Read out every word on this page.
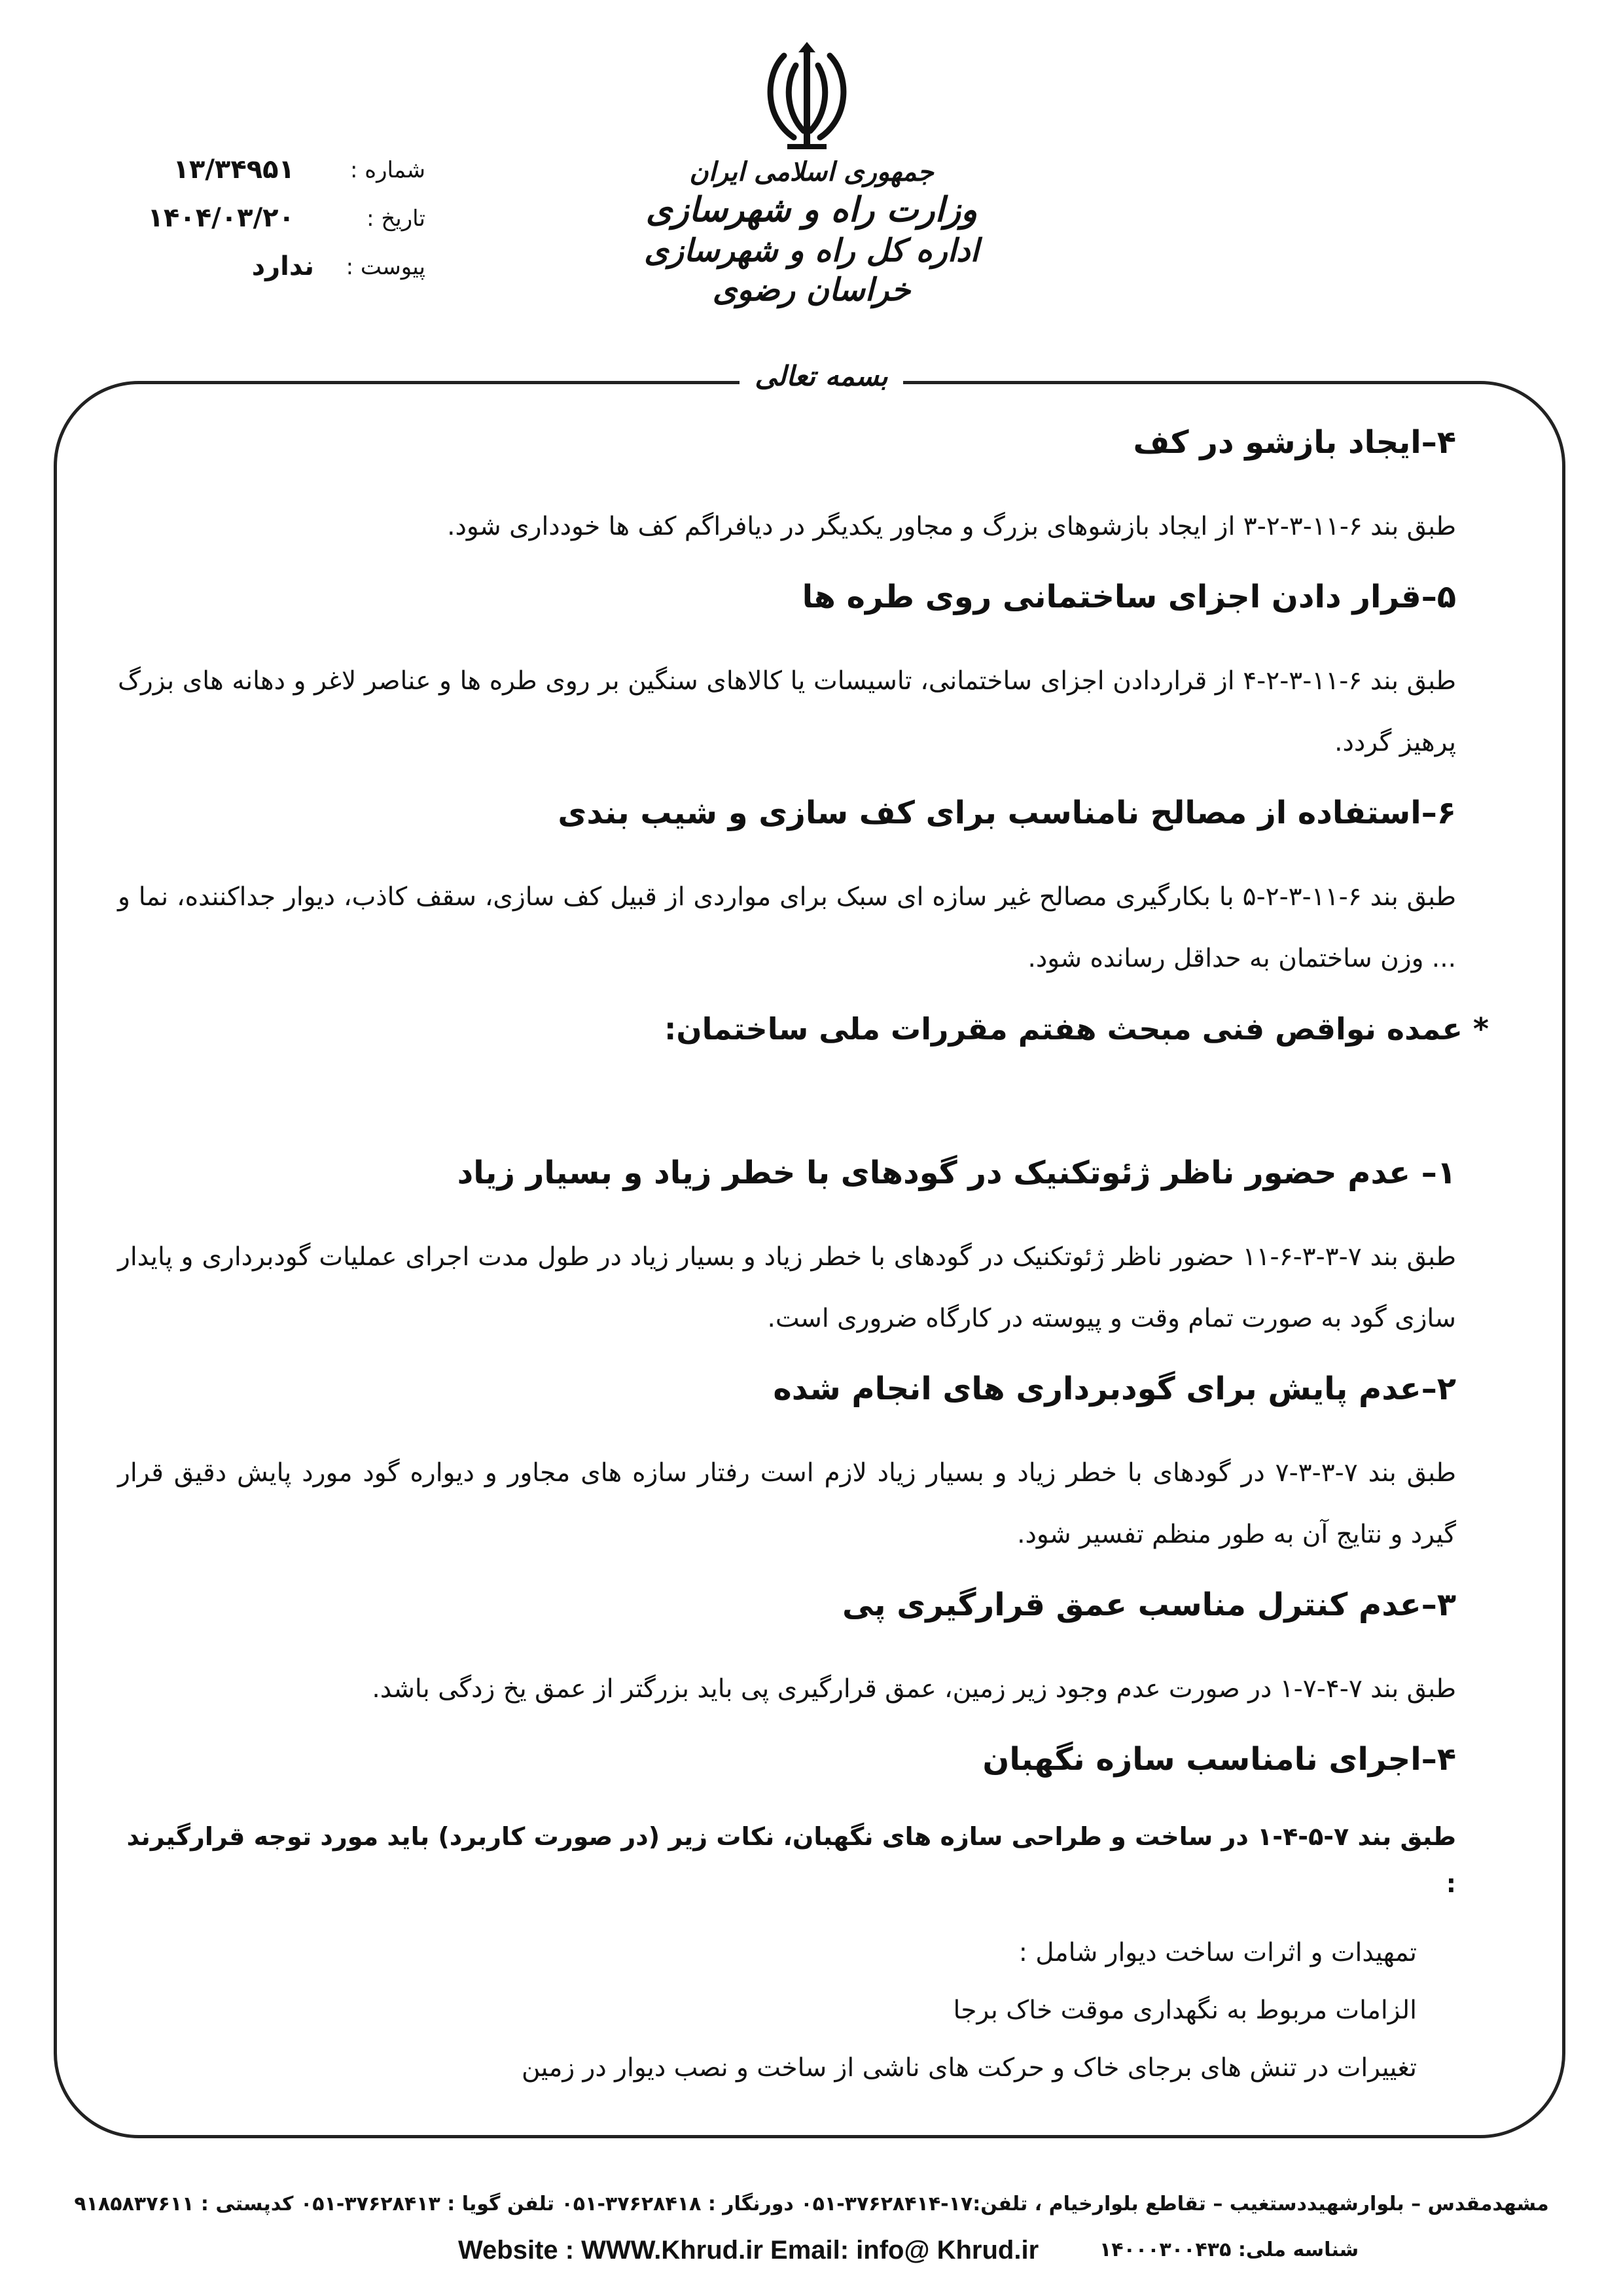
جمهوری اسلامی ایران
وزارت راه و شهرسازی
اداره کل راه و شهرسازی خراسان رضوی
شماره :
۱۳/۳۴۹۵۱
تاریخ :
۱۴۰۴/۰۳/۲۰
پیوست :
ندارد
بسمه تعالی
۴–ایجاد بازشو در کف
طبق بند ۶-۱۱-۳-۲-۳ از ایجاد بازشوهای بزرگ و مجاور یکدیگر در دیافراگم کف ها خودداری شود.
۵–قرار دادن اجزای ساختمانی روی طره ها
طبق بند ۶-۱۱-۳-۲-۴ از قراردادن اجزای ساختمانی، تاسیسات یا کالاهای سنگین بر روی طره ها و عناصر لاغر و دهانه های بزرگ پرهیز گردد.
۶–استفاده از مصالح نامناسب برای کف سازی و شیب بندی
طبق بند ۶-۱۱-۳-۲-۵ با بکارگیری مصالح غیر سازه ای سبک برای مواردی از قبیل کف سازی، سقف کاذب، دیوار جداکننده، نما و ... وزن ساختمان به حداقل رسانده شود.
* عمده نواقص فنی مبحث هفتم مقررات ملی ساختمان:
۱– عدم حضور ناظر ژئوتکنیک در گودهای با خطر زیاد و بسیار زیاد
طبق بند ۷-۳-۳-۶-۱۱ حضور ناظر ژئوتکنیک در گودهای با خطر زیاد و بسیار زیاد در طول مدت اجرای عملیات گودبرداری و پایدار سازی گود به صورت تمام وقت و پیوسته در کارگاه ضروری است.
۲–عدم پایش برای گودبرداری های انجام شده
طبق بند ۷-۳-۳-۷ در گودهای با خطر زیاد و بسیار زیاد لازم است رفتار سازه های مجاور و دیواره گود مورد پایش دقیق قرار گیرد و نتایج آن به طور منظم تفسیر شود.
۳–عدم کنترل مناسب عمق قرارگیری پی
طبق بند ۷-۴-۷-۱ در صورت عدم وجود زیر زمین، عمق قرارگیری پی باید بزرگتر از عمق یخ زدگی باشد.
۴–اجرای نامناسب سازه نگهبان
طبق بند ۷-۵-۴-۱ در ساخت و طراحی سازه های نگهبان، نکات زیر (در صورت کاربرد) باید مورد توجه قرارگیرند :
تمهیدات و اثرات ساخت دیوار شامل :
الزامات مربوط به نگهداری موقت خاک برجا
تغییرات در تنش های برجای خاک و حرکت های ناشی از ساخت و نصب دیوار در زمین
مشهدمقدس – بلوارشهیددستغیب – تقاطع بلوارخیام ، تلفن:۱۷-۳۷۶۲۸۴۱۴-۰۵۱ دورنگار : ۳۷۶۲۸۴۱۸-۰۵۱ تلفن گویا : ۳۷۶۲۸۴۱۳-۰۵۱ کدپستی : ۹۱۸۵۸۳۷۶۱۱
Website : WWW.Khrud.ir Email: info@ Khrud.ir	شناسه ملی: ۱۴۰۰۰۳۰۰۴۳۵
